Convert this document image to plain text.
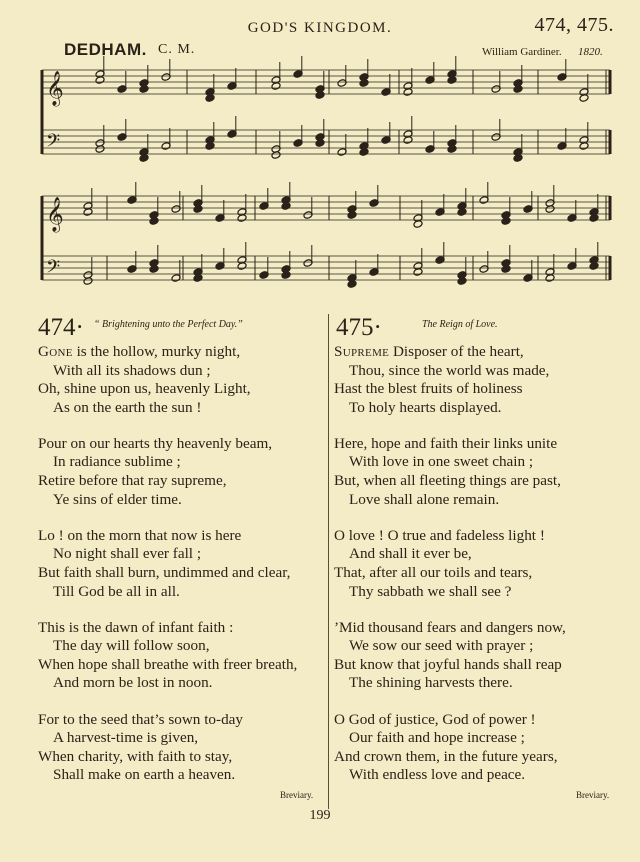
GOD'S KINGDOM.	474, 475.
DEDHAM. C. M.	William Gardiner. 1820.
𝄞
𝄢
𝄞
𝄢
474 ·	“ Brightening unto the Perfect Day.”
Gone is the hollow, murky night,
With all its shadows dun ;
Oh, shine upon us, heavenly Light,
As on the earth the sun !
Pour on our hearts thy heavenly beam,
In radiance sublime ;
Retire before that ray supreme,
Ye sins of elder time.
Lo ! on the morn that now is here
No night shall ever fall ;
But faith shall burn, undimmed and clear,
Till God be all in all.
This is the dawn of infant faith :
The day will follow soon,
When hope shall breathe with freer breath,
And morn be lost in noon.
For to the seed that’s sown to-day
A harvest-time is given,
When charity, with faith to stay,
Shall make on earth a heaven.
Breviary.
475 ·	The Reign of Love.
Supreme Disposer of the heart,
Thou, since the world was made,
Hast the blest fruits of holiness
To holy hearts displayed.
Here, hope and faith their links unite
With love in one sweet chain ;
But, when all fleeting things are past,
Love shall alone remain.
O love ! O true and fadeless light !
And shall it ever be,
That, after all our toils and tears,
Thy sabbath we shall see ?
’Mid thousand fears and dangers now,
We sow our seed with prayer ;
But know that joyful hands shall reap
The shining harvests there.
O God of justice, God of power !
Our faith and hope increase ;
And crown them, in the future years,
With endless love and peace.
Breviary.
199
